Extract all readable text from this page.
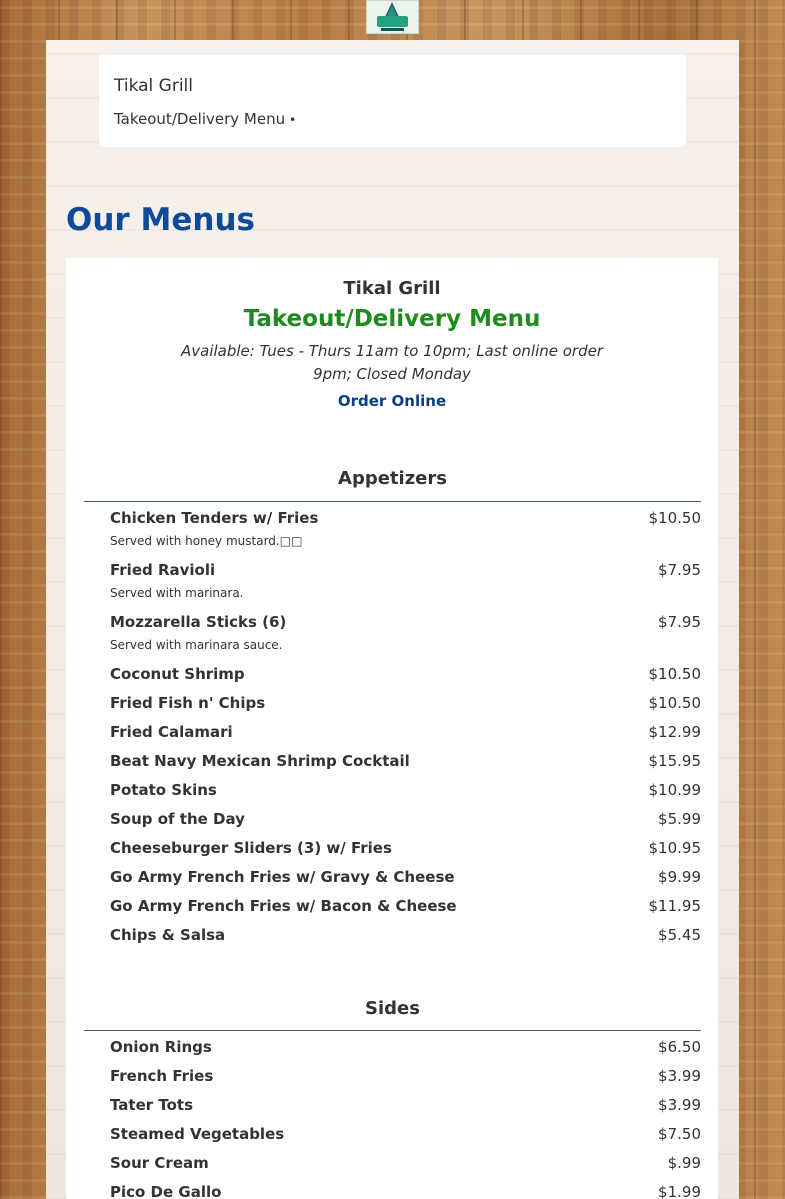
Tikal Grill
Takeout/Delivery Menu •
Our Menus
Tikal Grill
Takeout/Delivery Menu
Available: Tues - Thurs 11am to 10pm; Last online order 9pm; Closed Monday
Order Online
Appetizers
Chicken Tenders w/ Fries	$10.50
Served with honey mustard.□□
Fried Ravioli	$7.95
Served with marinara.
Mozzarella Sticks (6)	$7.95
Served with marinara sauce.
Coconut Shrimp	$10.50
Fried Fish n' Chips	$10.50
Fried Calamari	$12.99
Beat Navy Mexican Shrimp Cocktail	$15.95
Potato Skins	$10.99
Soup of the Day	$5.99
Cheeseburger Sliders (3) w/ Fries	$10.95
Go Army French Fries w/ Gravy & Cheese	$9.99
Go Army French Fries w/ Bacon & Cheese	$11.95
Chips & Salsa	$5.45
Sides
Onion Rings	$6.50
French Fries	$3.99
Tater Tots	$3.99
Steamed Vegetables	$7.50
Sour Cream	$.99
Pico De Gallo	$1.99
